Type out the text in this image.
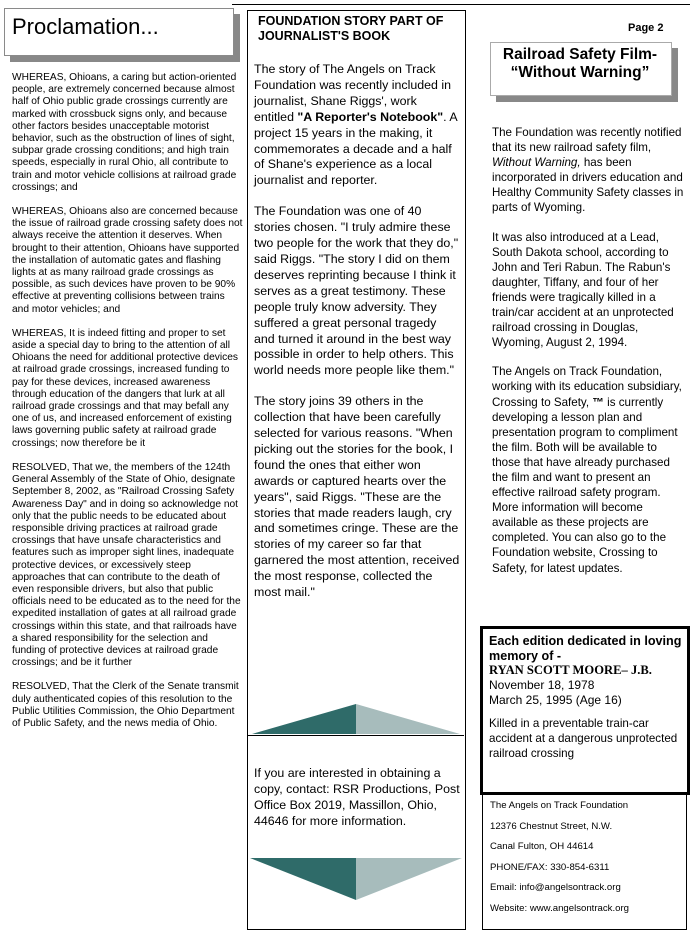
Proclamation...

WHEREAS, Ohioans, a caring but action-oriented people, are extremely concerned because almost half of Ohio public grade crossings currently are marked with crossbuck signs only, and because other factors besides unacceptable motorist behavior, such as the obstruction of lines of sight, subpar grade crossing conditions; and high train speeds, especially in rural Ohio, all contribute to train and motor vehicle collisions at railroad grade crossings; and

WHEREAS, Ohioans also are concerned because the issue of railroad grade crossing safety does not always receive the attention it deserves. When brought to their attention, Ohioans have supported the installation of automatic gates and flashing lights at as many railroad grade crossings as possible, as such devices have proven to be 90% effective at preventing collisions between trains and motor vehicles; and

WHEREAS, It is indeed fitting and proper to set aside a special day to bring to the attention of all Ohioans the need for additional protective devices at railroad grade crossings, increased funding to pay for these devices, increased awareness through education of the dangers that lurk at all railroad grade crossings and that may befall any one of us, and increased enforcement of existing laws governing public safety at railroad grade crossings; now therefore be it

RESOLVED, That we, the members of the 124th General Assembly of the State of Ohio, designate September 8, 2002, as "Railroad Crossing Safety Awareness Day" and in doing so acknowledge not only that the public needs to be educated about responsible driving practices at railroad grade crossings that have unsafe characteristics and features such as improper sight lines, inadequate protective devices, or excessively steep approaches that can contribute to the death of even responsible drivers, but also that public officials need to be educated as to the need for the expedited installation of gates at all railroad grade crossings within this state, and that railroads have a shared responsibility for the selection and funding of protective devices at railroad grade crossings; and be it further

RESOLVED, That the Clerk of the Senate transmit duly authenticated copies of this resolution to the Public Utilities Commission, the Ohio Department of Public Safety, and the news media of Ohio.

FOUNDATION STORY PART OF JOURNALIST'S BOOK

The story of The Angels on Track Foundation was recently included in journalist, Shane Riggs', work entitled "A Reporter's Notebook". A project 15 years in the making, it commemorates a decade and a half of Shane's experience as a local journalist and reporter.

The Foundation was one of 40 stories chosen. "I truly admire these two people for the work that they do," said Riggs. "The story I did on them deserves reprinting because I think it serves as a great testimony. These people truly know adversity. They suffered a great personal tragedy and turned it around in the best way possible in order to help others. This world needs more people like them."

The story joins 39 others in the collection that have been carefully selected for various reasons. "When picking out the stories for the book, I found the ones that either won awards or captured hearts over the years", said Riggs. "These are the stories that made readers laugh, cry and sometimes cringe. These are the stories of my career so far that garnered the most attention, received the most response, collected the most mail."

If you are interested in obtaining a copy, contact: RSR Productions, Post Office Box 2019, Massillon, Ohio, 44646 for more information.

Page 2
Railroad Safety Film-
“Without Warning”

The Foundation was recently notified that its new railroad safety film, Without Warning, has been incorporated in drivers education and Healthy Community Safety classes in parts of Wyoming.

It was also introduced at a Lead, South Dakota school, according to John and Teri Rabun. The Rabun's daughter, Tiffany, and four of her friends were tragically killed in a train/car accident at an unprotected railroad crossing in Douglas, Wyoming, August 2, 1994.

The Angels on Track Foundation, working with its education subsidiary, Crossing to Safety, ™ is currently developing a lesson plan and presentation program to compliment the film. Both will be available to those that have already purchased the film and want to present an effective railroad safety program. More information will become available as these projects are completed. You can also go to the Foundation website, Crossing to Safety, for latest updates.

Each edition dedicated in loving memory of -
RYAN SCOTT MOORE– J.B.
November 18, 1978
March 25, 1995 (Age 16)
Killed in a preventable train-car accident at a dangerous unprotected railroad crossing
The Angels on Track Foundation
12376 Chestnut Street, N.W.
Canal Fulton, OH 44614
PHONE/FAX: 330-854-6311
Email: info@angelsontrack.org
Website: www.angelsontrack.org
